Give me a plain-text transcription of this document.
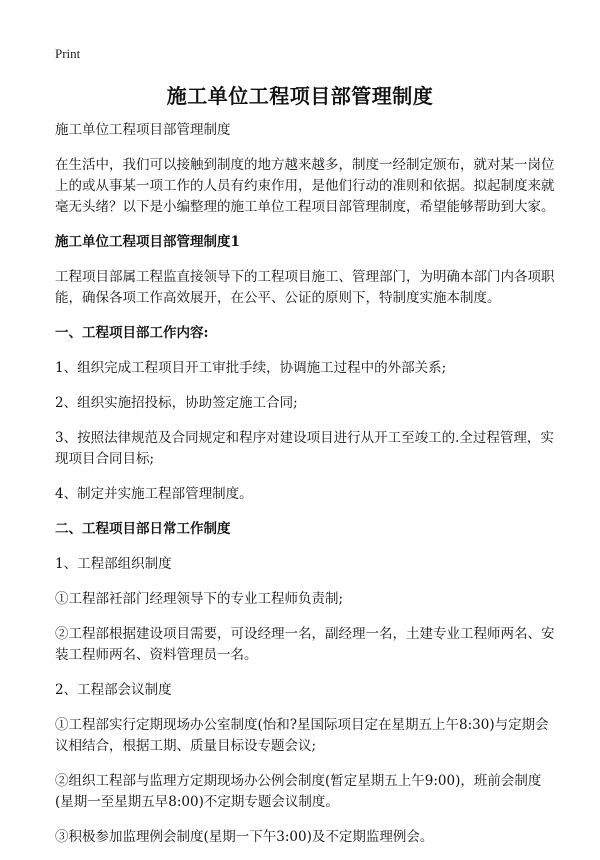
Print
施工单位工程项目部管理制度

施工单位工程项目部管理制度

在生活中，我们可以接触到制度的地方越来越多，制度一经制定颁布，就对某一岗位上的或从事某一项工作的人员有约束作用，是他们行动的准则和依据。拟起制度来就毫无头绪？以下是小编整理的施工单位工程项目部管理制度，希望能够帮助到大家。

施工单位工程项目部管理制度1

工程项目部属工程监直接领导下的工程项目施工、管理部门，为明确本部门内各项职能，确保各项工作高效展开，在公平、公证的原则下，特制度实施本制度。

一、工程项目部工作内容:

1、组织完成工程项目开工审批手续，协调施工过程中的外部关系;

2、组织实施招投标，协助签定施工合同;

3、按照法律规范及合同规定和程序对建设项目进行从开工至竣工的.全过程管理，实现项目合同目标;

4、制定并实施工程部管理制度。

二、工程项目部日常工作制度

1、工程部组织制度

①工程部衽部门经理领导下的专业工程师负责制;

②工程部根据建设项目需要，可设经理一名，副经理一名，土建专业工程师两名、安装工程师两名、资料管理员一名。

2、工程部会议制度

①工程部实行定期现场办公室制度(怡和?星国际项目定在星期五上午8:30)与定期会议相结合，根据工期、质量目标设专题会议;

②组织工程部与监理方定期现场办公例会制度(暂定星期五上午9:00)，班前会制度(星期一至星期五早8:00)不定期专题会议制度。

③积极参加监理例会制度(星期一下午3:00)及不定期监理例会。
